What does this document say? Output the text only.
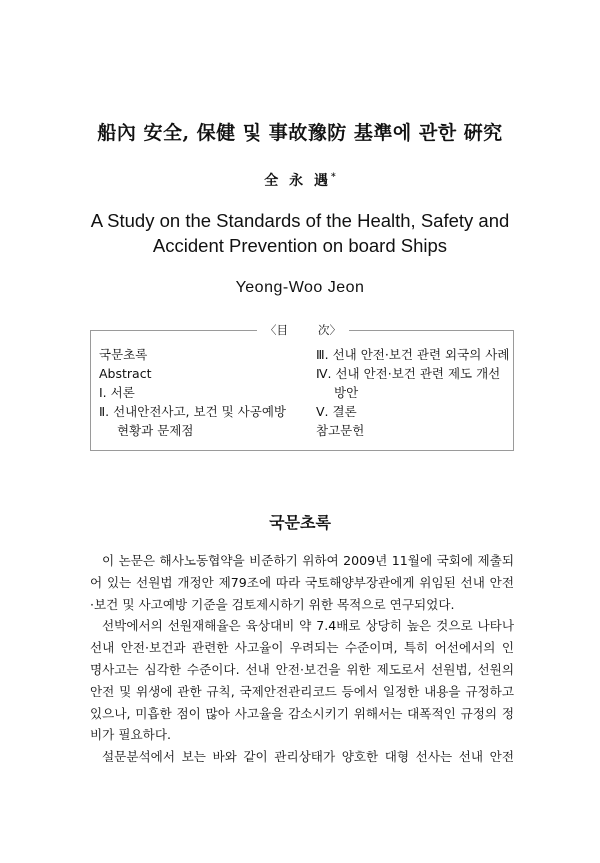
船內 安全, 保健 및 事故豫防 基準에 관한 硏究
全 永 遇*
A Study on the Standards of the Health, Safety and
Accident Prevention on board Ships
Yeong-Woo Jeon
〈目	次〉
국문초록
Abstract
Ⅰ. 서론
Ⅱ. 선내안전사고, 보건 및 사공예방
현황과 문제점
Ⅲ. 선내 안전·보건 관련 외국의 사례
Ⅳ. 선내 안전·보건 관련 제도 개선
방안
Ⅴ. 결론
참고문헌
국문초록
이 논문은 해사노동협약을 비준하기 위하여 2009년 11월에 국회에 제출되
어 있는 선원법 개정안 제79조에 따라 국토해양부장관에게 위임된 선내 안전
·보건 및 사고예방 기준을 검토제시하기 위한 목적으로 연구되었다.
선박에서의 선원재해율은 육상대비 약 7.4배로 상당히 높은 것으로 나타나
선내 안전·보건과 관련한 사고율이 우려되는 수준이며, 특히 어선에서의 인
명사고는 심각한 수준이다. 선내 안전·보건을 위한 제도로서 선원법, 선원의
안전 및 위생에 관한 규칙, 국제안전관리코드 등에서 일정한 내용을 규정하고
있으나, 미흡한 점이 많아 사고율을 감소시키기 위해서는 대폭적인 규정의 정
비가 필요하다.
설문분석에서 보는 바와 같이 관리상태가 양호한 대형 선사는 선내 안전
